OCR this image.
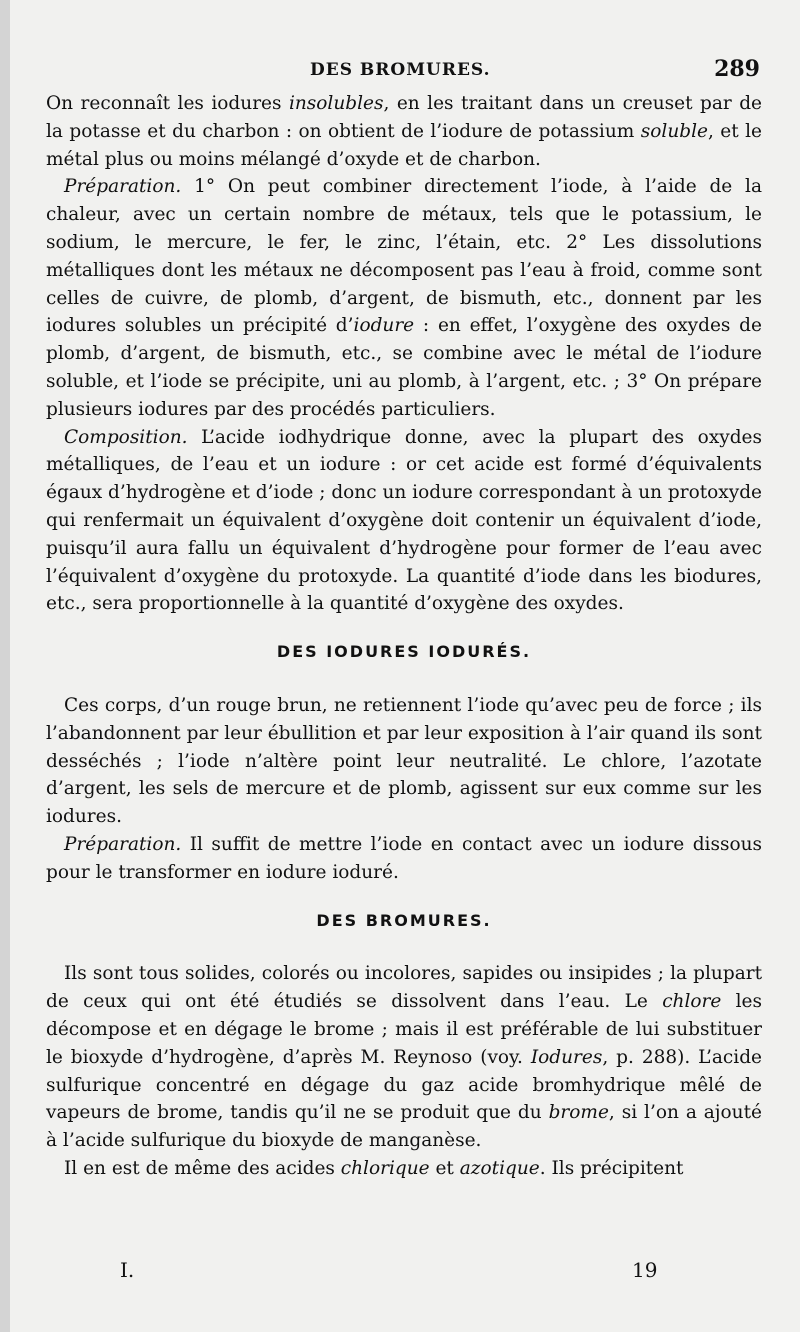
DES BROMURES.	289

On reconnaît les iodures insolubles, en les traitant dans un creuset par de la potasse et du charbon : on obtient de l’iodure de potassium soluble, et le métal plus ou moins mélangé d’oxyde et de charbon.

Préparation. 1° On peut combiner directement l’iode, à l’aide de la chaleur, avec un certain nombre de métaux, tels que le potassium, le sodium, le mercure, le fer, le zinc, l’étain, etc. 2° Les dissolutions métalliques dont les métaux ne décomposent pas l’eau à froid, comme sont celles de cuivre, de plomb, d’argent, de bismuth, etc., donnent par les iodures solubles un précipité d’iodure : en effet, l’oxygène des oxydes de plomb, d’argent, de bismuth, etc., se combine avec le métal de l’iodure soluble, et l’iode se précipite, uni au plomb, à l’argent, etc. ; 3° On prépare plusieurs iodures par des procédés particuliers.

Composition. L’acide iodhydrique donne, avec la plupart des oxydes métalliques, de l’eau et un iodure : or cet acide est formé d’équivalents égaux d’hydrogène et d’iode ; donc un iodure correspondant à un protoxyde qui renfermait un équivalent d’oxygène doit contenir un équivalent d’iode, puisqu’il aura fallu un équivalent d’hydrogène pour former de l’eau avec l’équivalent d’oxygène du protoxyde. La quantité d’iode dans les biodures, etc., sera proportionnelle à la quantité d’oxygène des oxydes.

DES IODURES IODURÉS.

Ces corps, d’un rouge brun, ne retiennent l’iode qu’avec peu de force ; ils l’abandonnent par leur ébullition et par leur exposition à l’air quand ils sont desséchés ; l’iode n’altère point leur neutralité. Le chlore, l’azotate d’argent, les sels de mercure et de plomb, agissent sur eux comme sur les iodures.

Préparation. Il suffit de mettre l’iode en contact avec un iodure dissous pour le transformer en iodure ioduré.

DES BROMURES.

Ils sont tous solides, colorés ou incolores, sapides ou insipides ; la plupart de ceux qui ont été étudiés se dissolvent dans l’eau. Le chlore les décompose et en dégage le brome ; mais il est préférable de lui substituer le bioxyde d’hydrogène, d’après M. Reynoso (voy. Iodures, p. 288). L’acide sulfurique concentré en dégage du gaz acide bromhydrique mêlé de vapeurs de brome, tandis qu’il ne se produit que du brome, si l’on a ajouté à l’acide sulfurique du bioxyde de manganèse.

Il en est de même des acides chlorique et azotique. Ils précipitent

I.	19
